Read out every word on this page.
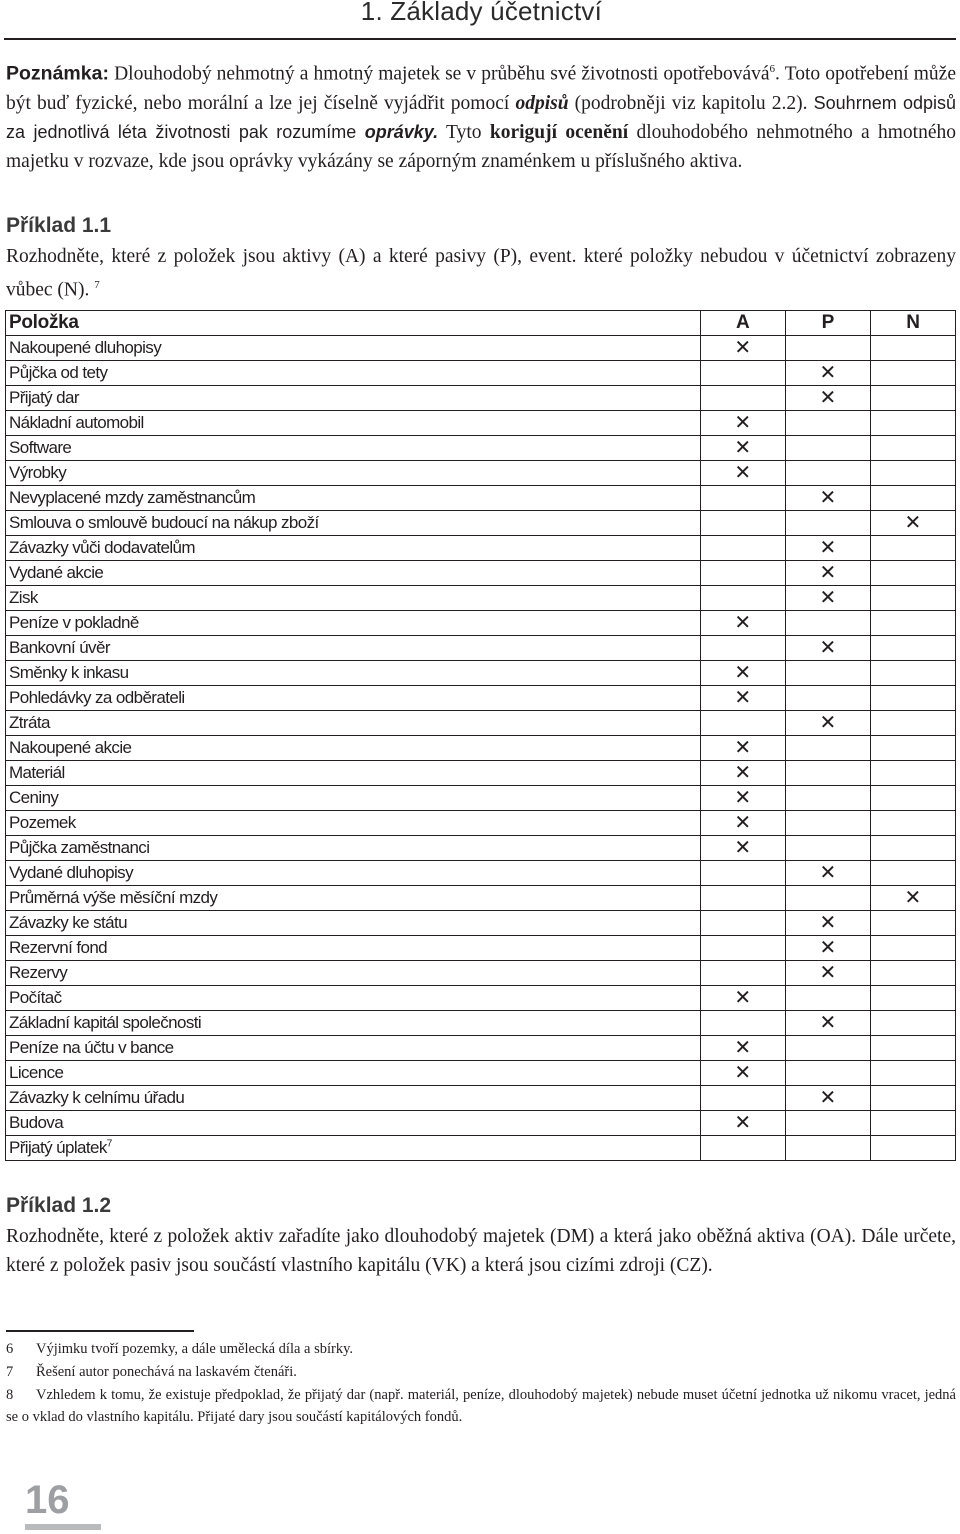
1. Základy účetnictví
Poznámka: Dlouhodobý nehmotný a hmotný majetek se v průběhu své životnosti opotřebovává$^6$. Toto opotřebení může být buď fyzické, nebo morální a lze jej číselně vyjádřit pomocí odpisů (podrobněji viz kapitolu 2.2). Souhrnem odpisů za jednotlivá léta životnosti pak rozumíme oprávky. Tyto korigují ocenění dlouhodobého nehmotného a hmotného majetku v rozvaze, kde jsou oprávky vykázány se záporným znaménkem u příslušného aktiva.
Příklad 1.1
Rozhodněte, které z položek jsou aktivy (A) a které pasivy (P), event. které položky nebudou v účetnictví zobrazeny vůbec (N). $^7$
Položka	A	P	N
Nakoupené dluhopisy	✕		
Půjčka od tety		✕	
Přijatý dar		✕	
Nákladní automobil	✕		
Software	✕		
Výrobky	✕		
Nevyplacené mzdy zaměstnancům		✕	
Smlouva o smlouvě budoucí na nákup zboží			✕
Závazky vůči dodavatelům		✕	
Vydané akcie		✕	
Zisk		✕	
Peníze v pokladně	✕		
Bankovní úvěr		✕	
Směnky k inkasu	✕		
Pohledávky za odběrateli	✕		
Ztráta		✕	
Nakoupené akcie	✕		
Materiál	✕		
Ceniny	✕		
Pozemek	✕		
Půjčka zaměstnanci	✕		
Vydané dluhopisy		✕	
Průměrná výše měsíční mzdy			✕
Závazky ke státu		✕	
Rezervní fond		✕	
Rezervy		✕	
Počítač	✕		
Základní kapitál společnosti		✕	
Peníze na účtu v bance	✕		
Licence	✕		
Závazky k celnímu úřadu		✕	
Budova	✕		
Přijatý úplatek$^7$			
Příklad 1.2
Rozhodněte, které z položek aktiv zařadíte jako dlouhodobý majetek (DM) a která jako oběžná aktiva (OA). Dále určete, které z položek pasiv jsou součástí vlastního kapitálu (VK) a která jsou cizími zdroji (CZ).
6 Výjimku tvoří pozemky, a dále umělecká díla a sbírky.
7 Řešení autor ponechává na laskavém čtenáři.
8 Vzhledem k tomu, že existuje předpoklad, že přijatý dar (např. materiál, peníze, dlouhodobý majetek) nebude muset účetní jednotka už nikomu vracet, jedná se o vklad do vlastního kapitálu. Přijaté dary jsou součástí kapitálových fondů.
16
